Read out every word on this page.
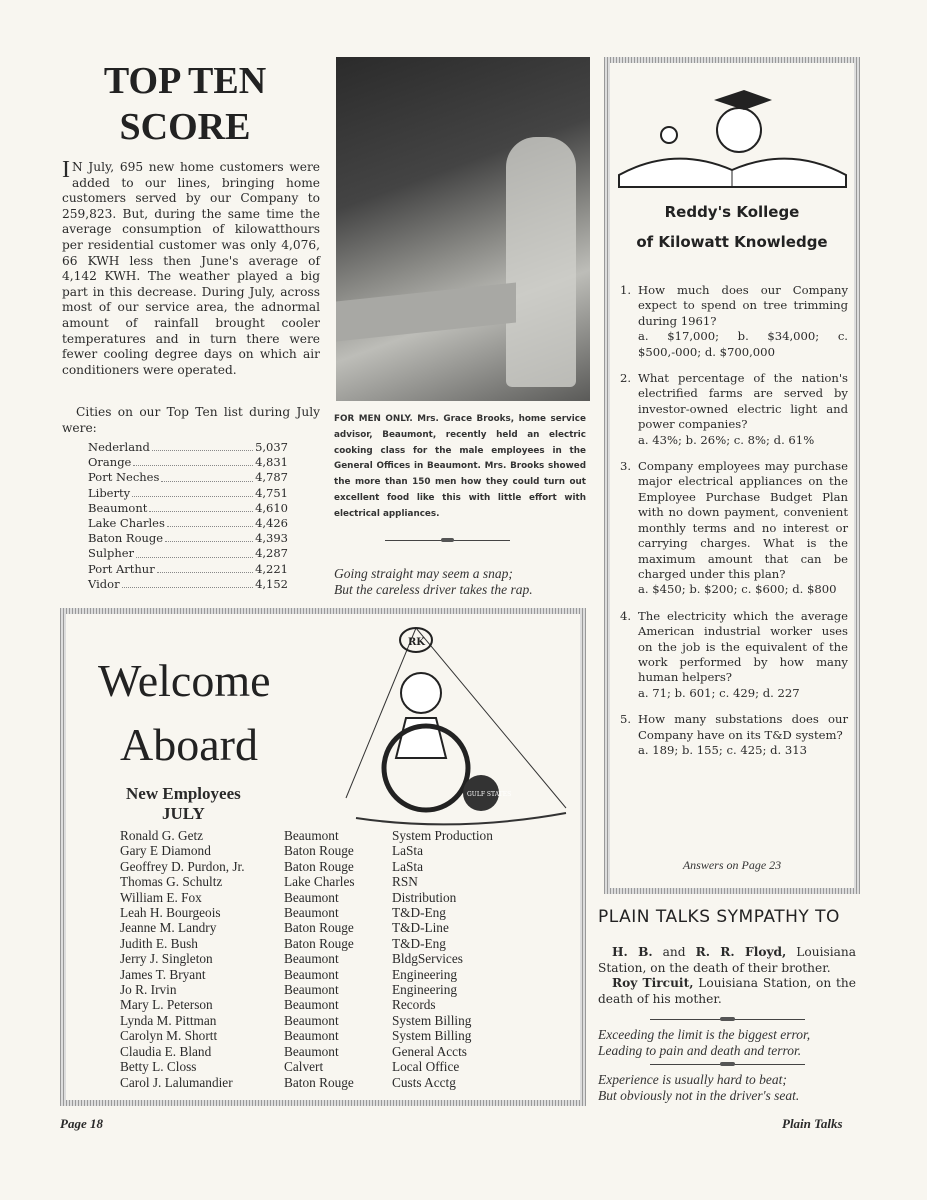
TOP TEN
SCORE
I N July, 695 new home customers were added to our lines, bringing home customers served by our Company to 259,823. But, during the same time the average consumption of kilowatthours per residential customer was only 4,076, 66 KWH less then June's average of 4,142 KWH. The weather played a big part in this decrease. During July, across most of our service area, the adnormal amount of rainfall brought cooler temperatures and in turn there were fewer cooling degree days on which air conditioners were operated.
Cities on our Top Ten list during July were:
Nederland	5,037
Orange	4,831
Port Neches	4,787
Liberty	4,751
Beaumont	4,610
Lake Charles	4,426
Baton Rouge	4,393
Sulpher	4,287
Port Arthur	4,221
Vidor	4,152
FOR MEN ONLY. Mrs. Grace Brooks, home service advisor, Beaumont, recently held an electric cooking class for the male employees in the General Offices in Beaumont. Mrs. Brooks showed the more than 150 men how they could turn out excellent food like this with little effort with electrical appliances.
Going straight may seem a snap;
But the careless driver takes the rap.
Welcome
Aboard
New Employees
JULY
RK
GULF STATES
Ronald G. Getz	Beaumont	System Production
Gary E Diamond	Baton Rouge	LaSta
Geoffrey D. Purdon, Jr.	Baton Rouge	LaSta
Thomas G. Schultz	Lake Charles	RSN
William E. Fox	Beaumont	Distribution
Leah H. Bourgeois	Beaumont	T&D-Eng
Jeanne M. Landry	Baton Rouge	T&D-Line
Judith E. Bush	Baton Rouge	T&D-Eng
Jerry J. Singleton	Beaumont	BldgServices
James T. Bryant	Beaumont	Engineering
Jo R. Irvin	Beaumont	Engineering
Mary L. Peterson	Beaumont	Records
Lynda M. Pittman	Beaumont	System Billing
Carolyn M. Shortt	Beaumont	System Billing
Claudia E. Bland	Beaumont	General Accts
Betty L. Closs	Calvert	Local Office
Carol J. Lalumandier	Baton Rouge	Custs Acctg
Reddy's Kollege
of Kilowatt Knowledge
1. How much does our Company expect to spend on tree trimming during 1961?
a. $17,000; b. $34,000; c. $500,-000; d. $700,000
2. What percentage of the nation's electrified farms are served by investor-owned electric light and power companies?
a. 43%; b. 26%; c. 8%; d. 61%
3. Company employees may purchase major electrical appliances on the Employee Purchase Budget Plan with no down payment, convenient monthly terms and no interest or carrying charges. What is the maximum amount that can be charged under this plan?
a. $450; b. $200; c. $600; d. $800
4. The electricity which the average American industrial worker uses on the job is the equivalent of the work performed by how many human helpers?
a. 71; b. 601; c. 429; d. 227
5. How many substations does our Company have on its T&D system?
a. 189; b. 155; c. 425; d. 313
Answers on Page 23
PLAIN TALKS SYMPATHY TO
H. B. and R. R. Floyd, Louisiana Station, on the death of their brother.
Roy Tircuit, Louisiana Station, on the death of his mother.
Exceeding the limit is the biggest error,
Leading to pain and death and terror.
Experience is usually hard to beat;
But obviously not in the driver's seat.
Page 18	Plain Talks
